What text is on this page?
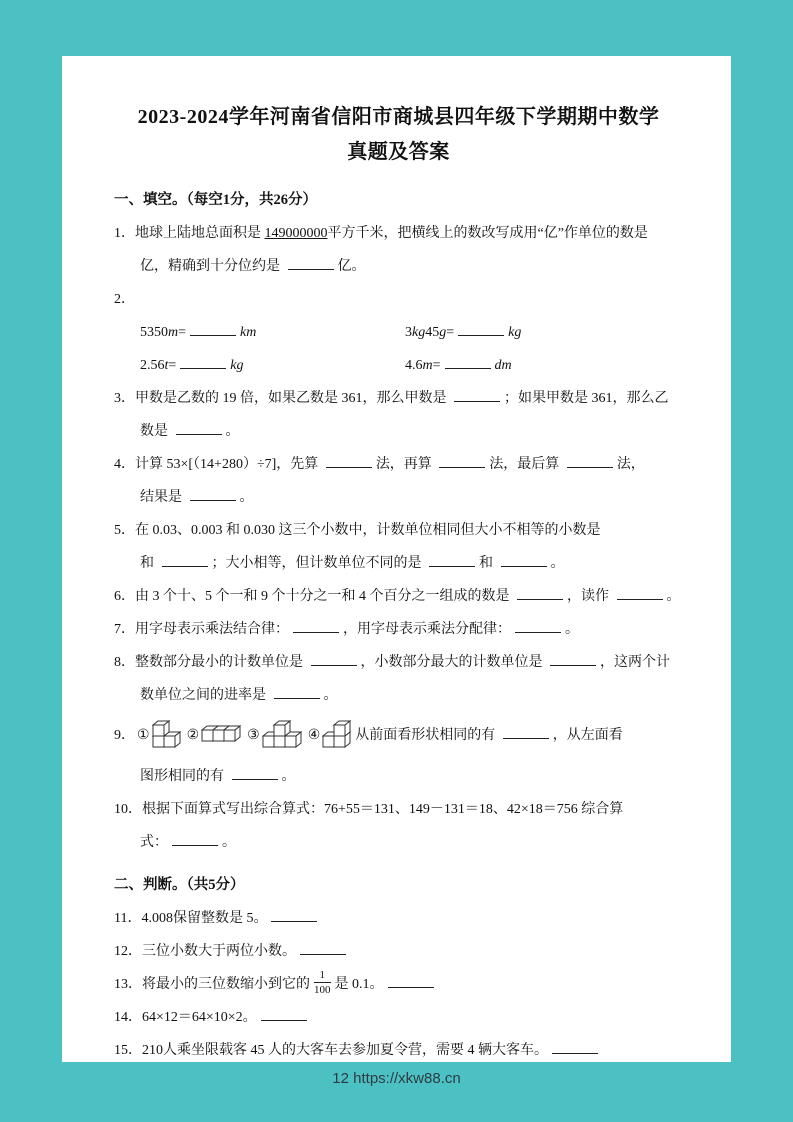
2023-2024学年河南省信阳市商城县四年级下学期期中数学
真题及答案
一、填空。（每空1分，共26分）
1．地球上陆地总面积是 149000000平方千米，把横线上的数改写成用“亿”作单位的数是
亿，精确到十分位约是	亿。
2．
5350m=	km	3kg45g=	kg
2.56t=	kg	4.6m=	dm
3．甲数是乙数的 19 倍，如果乙数是 361，那么甲数是	；如果甲数是 361，那么乙
数是	。
4．计算 53×[（14+280）÷7]，先算	法，再算	法，最后算	法，
结果是	。
5．在 0.03、0.003 和 0.030 这三个小数中，计数单位相同但大小不相等的小数是
和	；大小相等，但计数单位不同的是	和	。
6．由 3 个十、5 个一和 9 个十分之一和 4 个百分之一组成的数是	，读作	。
7．用字母表示乘法结合律：	，用字母表示乘法分配律：	。
8．整数部分最小的计数单位是	，小数部分最大的计数单位是	，这两个计
数单位之间的进率是	。
9． ①	②	③	④	从前面看形状相同的有	，从左面看
图形相同的有	。
10．根据下面算式写出综合算式：76+55＝131、149－131＝18、42×18＝756 综合算
式：	。
二、判断。（共5分）
11．4.008保留整数是 5。
12．三位小数大于两位小数。
13．将最小的三位数缩小到它的 $\frac{1}{100}$ 是 0.1。
14．64×12＝64×10×2。
15．210人乘坐限载客 45 人的大客车去参加夏令营，需要 4 辆大客车。
12 https://xkw88.cn
